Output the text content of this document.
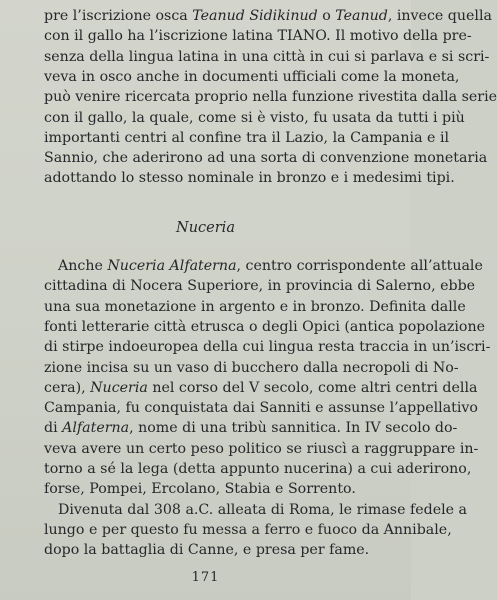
pre l’iscrizione osca Teanud Sidikinud o Teanud, invece quella
con il gallo ha l’iscrizione latina TIANO. Il motivo della pre-
senza della lingua latina in una città in cui si parlava e si scri-
veva in osco anche in documenti ufficiali come la moneta,
può venire ricercata proprio nella funzione rivestita dalla serie
con il gallo, la quale, come si è visto, fu usata da tutti i più
importanti centri al confine tra il Lazio, la Campania e il
Sannio, che aderirono ad una sorta di convenzione monetaria
adottando lo stesso nominale in bronzo e i medesimi tipi.
Nuceria
Anche Nuceria Alfaterna, centro corrispondente all’attuale
cittadina di Nocera Superiore, in provincia di Salerno, ebbe
una sua monetazione in argento e in bronzo. Definita dalle
fonti letterarie città etrusca o degli Opici (antica popolazione
di stirpe indoeuropea della cui lingua resta traccia in un’iscri-
zione incisa su un vaso di bucchero dalla necropoli di No-
cera), Nuceria nel corso del V secolo, come altri centri della
Campania, fu conquistata dai Sanniti e assunse l’appellativo
di Alfaterna, nome di una tribù sannitica. In IV secolo do-
veva avere un certo peso politico se riuscì a raggruppare in-
torno a sé la lega (detta appunto nucerina) a cui aderirono,
forse, Pompei, Ercolano, Stabia e Sorrento.
Divenuta dal 308 a.C. alleata di Roma, le rimase fedele a
lungo e per questo fu messa a ferro e fuoco da Annibale,
dopo la battaglia di Canne, e presa per fame.
171
